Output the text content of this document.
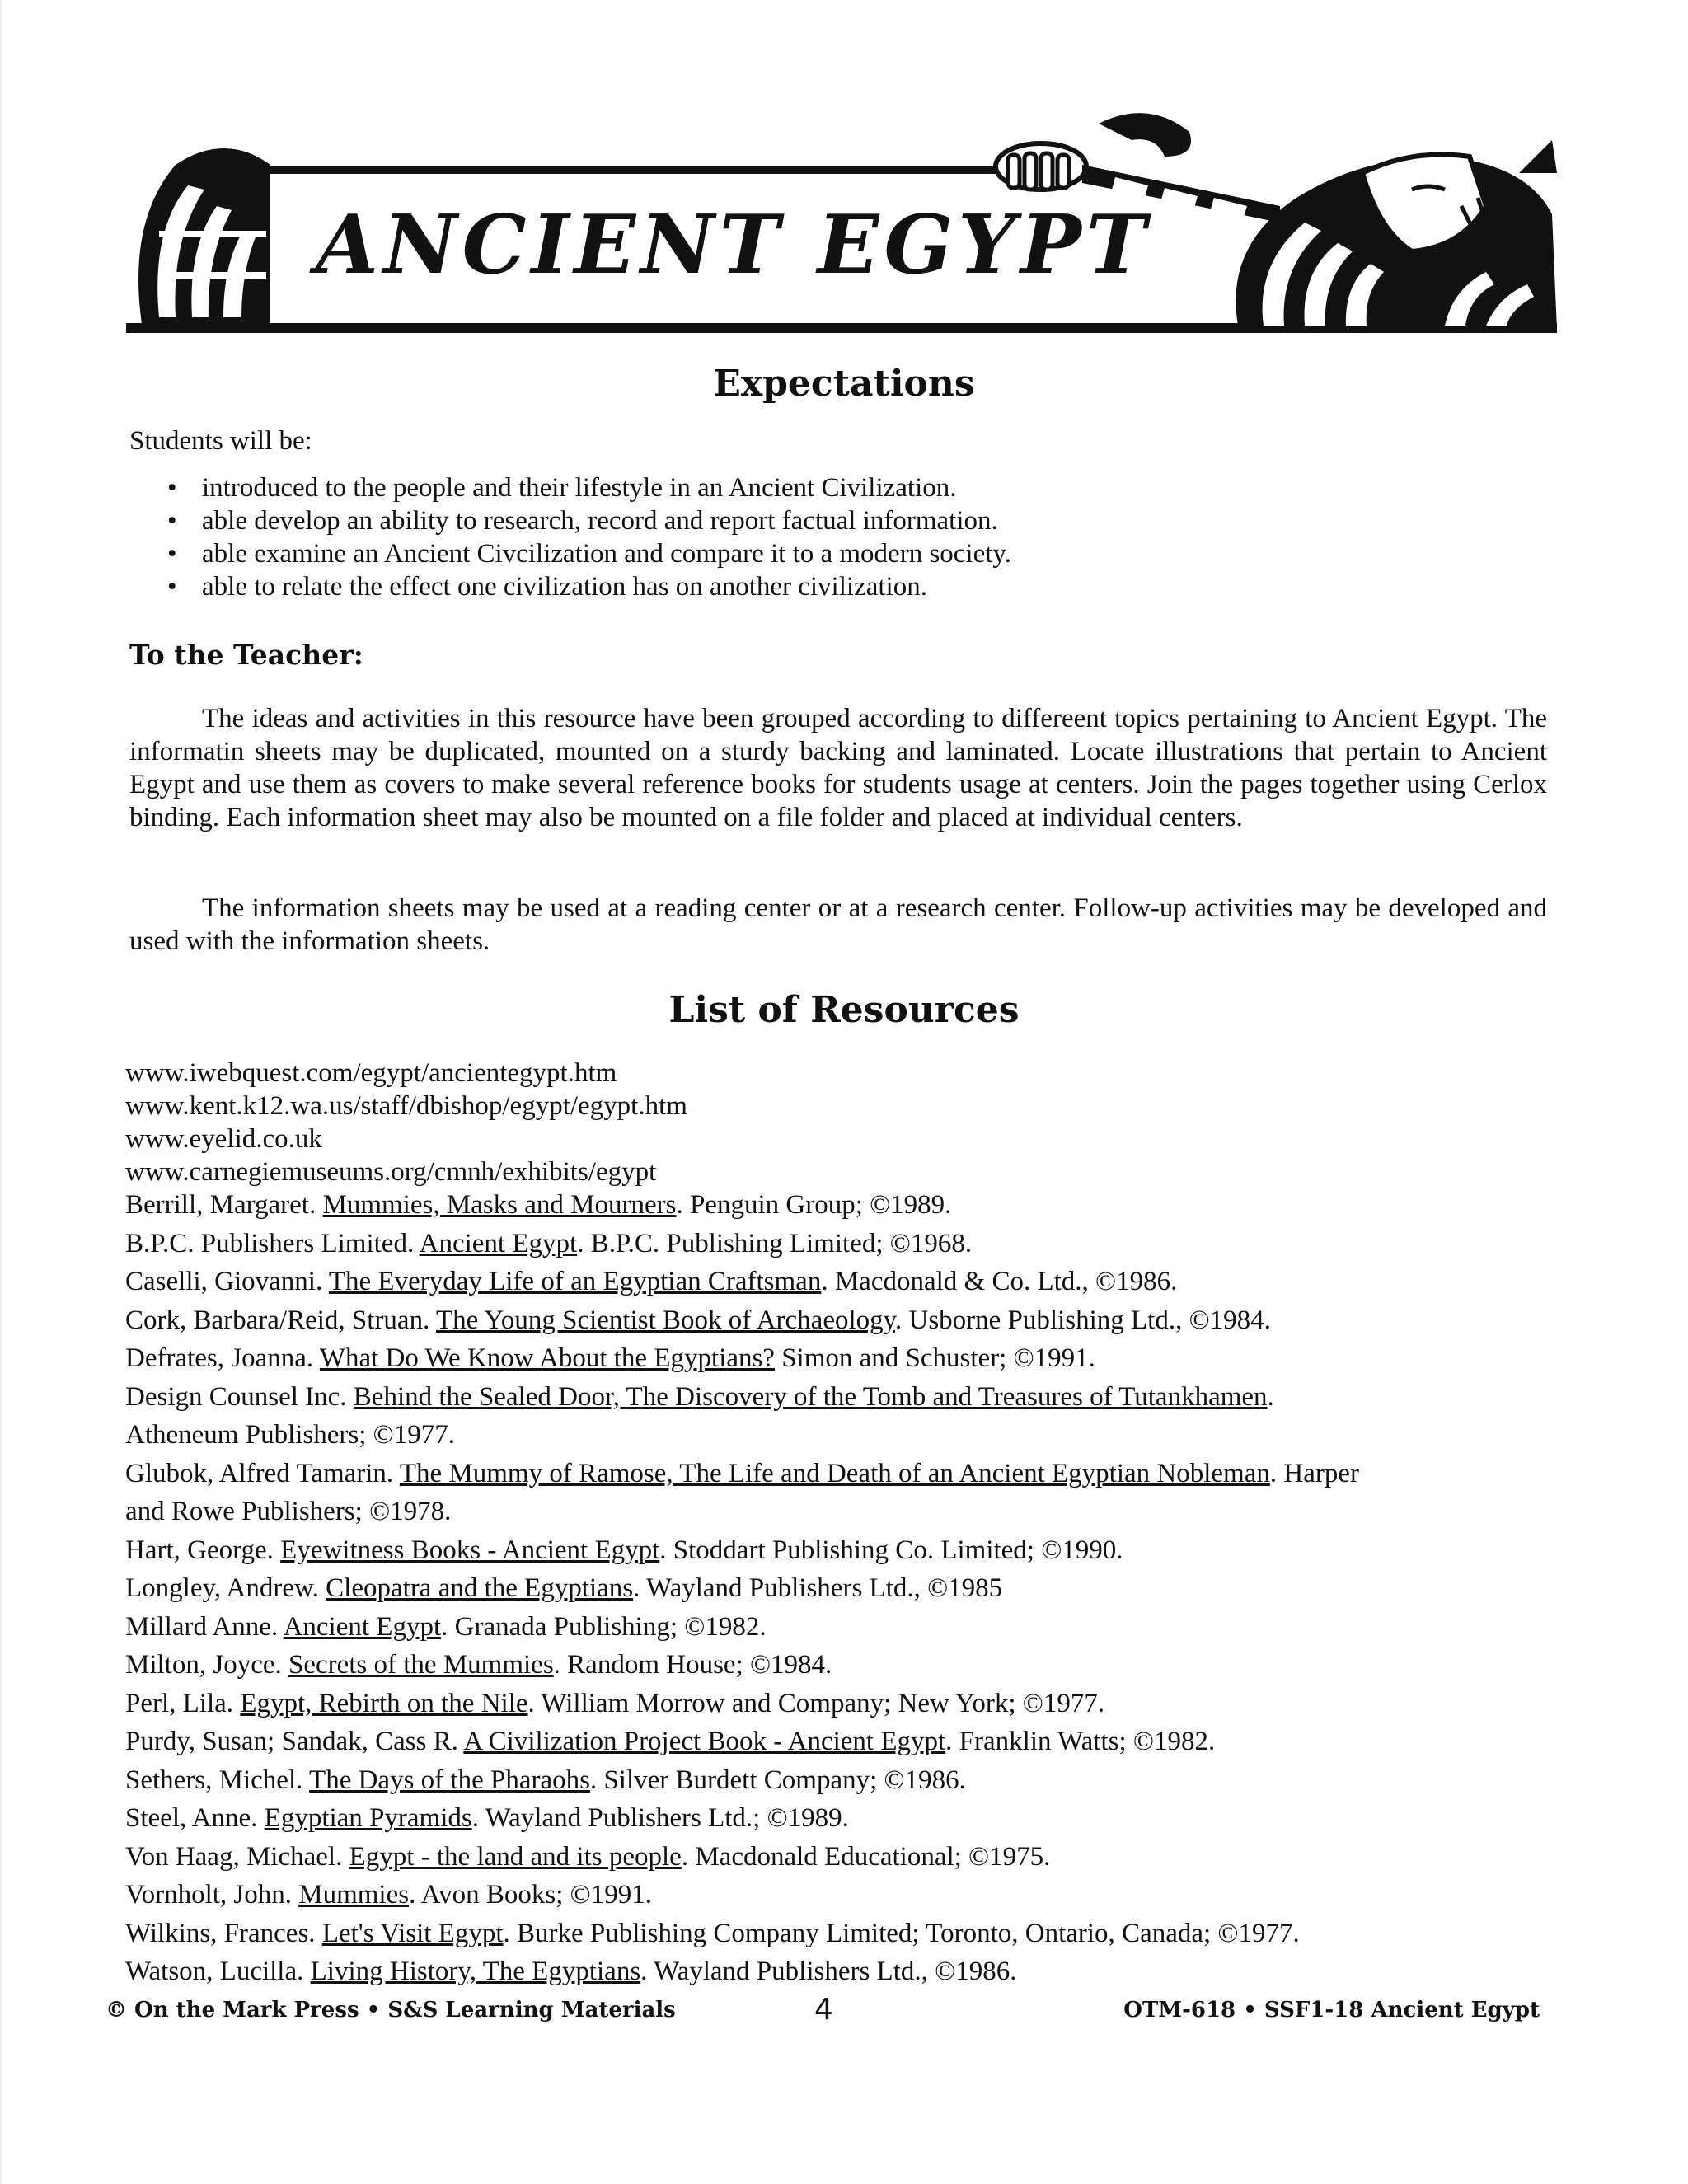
ANCIENT EGYPT
Expectations
Students will be:
• introduced to the people and their lifestyle in an Ancient Civilization.
• able develop an ability to research, record and report factual information.
• able examine an Ancient Civcilization and compare it to a modern society.
• able to relate the effect one civilization has on another civilization.
To the Teacher:

The ideas and activities in this resource have been grouped according to differeent topics pertaining to Ancient Egypt. The informatin sheets may be duplicated, mounted on a sturdy backing and laminated. Locate illustrations that pertain to Ancient Egypt and use them as covers to make several reference books for students usage at centers. Join the pages together using Cerlox binding. Each information sheet may also be mounted on a file folder and placed at individual centers.

The information sheets may be used at a reading center or at a research center. Follow-up activities may be developed and used with the information sheets.

List of Resources
www.iwebquest.com/egypt/ancientegypt.htm
www.kent.k12.wa.us/staff/dbishop/egypt/egypt.htm
www.eyelid.co.uk
www.carnegiemuseums.org/cmnh/exhibits/egypt
Berrill, Margaret. Mummies, Masks and Mourners. Penguin Group; ©1989.
B.P.C. Publishers Limited. Ancient Egypt. B.P.C. Publishing Limited; ©1968.
Caselli, Giovanni. The Everyday Life of an Egyptian Craftsman. Macdonald & Co. Ltd., ©1986.
Cork, Barbara/Reid, Struan. The Young Scientist Book of Archaeology. Usborne Publishing Ltd., ©1984.
Defrates, Joanna. What Do We Know About the Egyptians? Simon and Schuster; ©1991.
Design Counsel Inc. Behind the Sealed Door, The Discovery of the Tomb and Treasures of Tutankhamen.
Atheneum Publishers; ©1977.
Glubok, Alfred Tamarin. The Mummy of Ramose, The Life and Death of an Ancient Egyptian Nobleman. Harper
and Rowe Publishers; ©1978.
Hart, George. Eyewitness Books - Ancient Egypt. Stoddart Publishing Co. Limited; ©1990.
Longley, Andrew. Cleopatra and the Egyptians. Wayland Publishers Ltd., ©1985
Millard Anne. Ancient Egypt. Granada Publishing; ©1982.
Milton, Joyce. Secrets of the Mummies. Random House; ©1984.
Perl, Lila. Egypt, Rebirth on the Nile. William Morrow and Company; New York; ©1977.
Purdy, Susan; Sandak, Cass R. A Civilization Project Book - Ancient Egypt. Franklin Watts; ©1982.
Sethers, Michel. The Days of the Pharaohs. Silver Burdett Company; ©1986.
Steel, Anne. Egyptian Pyramids. Wayland Publishers Ltd.; ©1989.
Von Haag, Michael. Egypt - the land and its people. Macdonald Educational; ©1975.
Vornholt, John. Mummies. Avon Books; ©1991.
Wilkins, Frances. Let's Visit Egypt. Burke Publishing Company Limited; Toronto, Ontario, Canada; ©1977.
Watson, Lucilla. Living History, The Egyptians. Wayland Publishers Ltd., ©1986.
© On the Mark Press • S&S Learning Materials	4	OTM-618 • SSF1-18 Ancient Egypt
